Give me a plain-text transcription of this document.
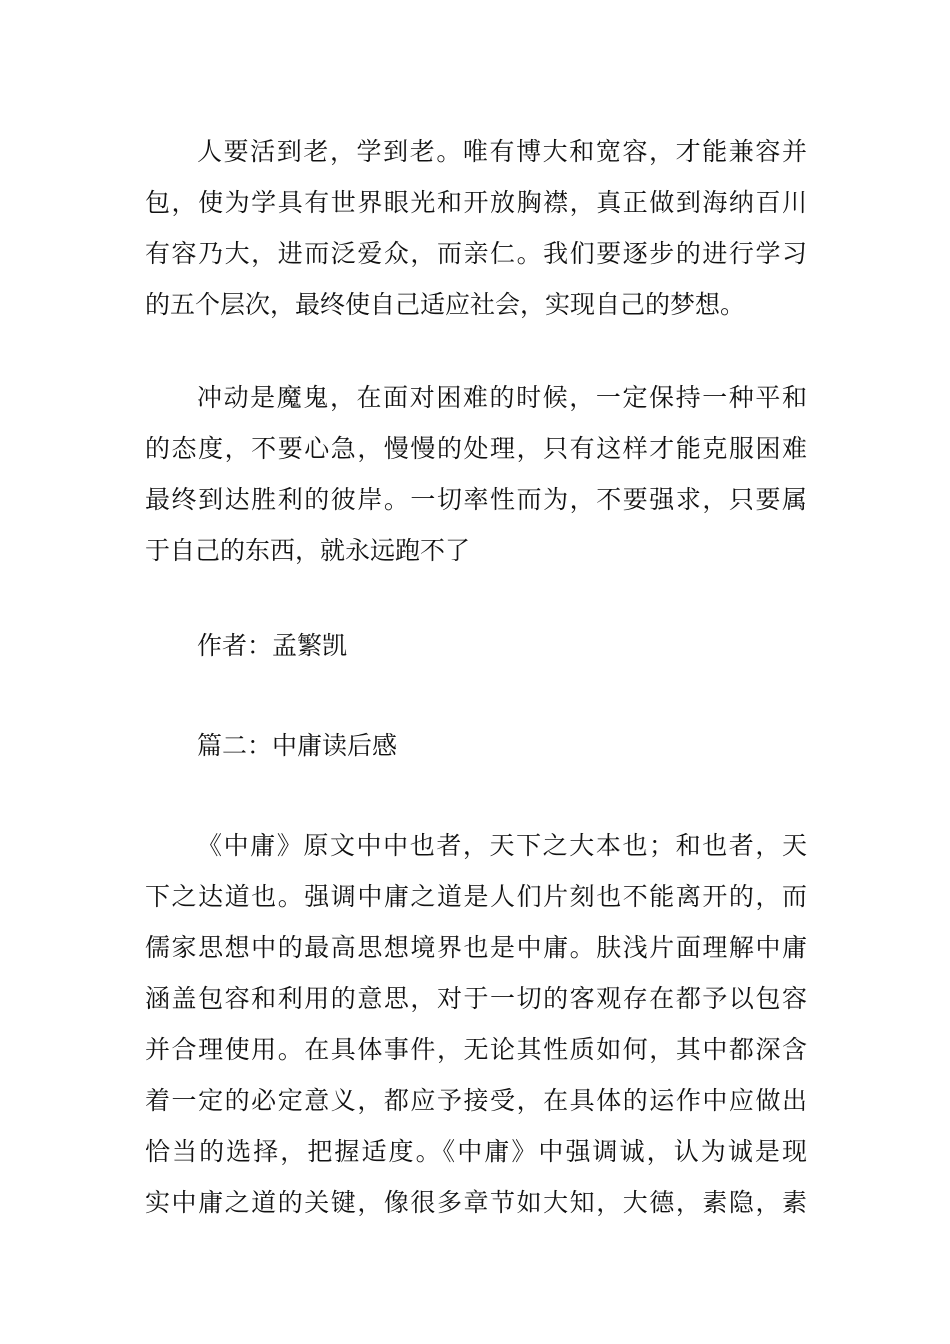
人要活到老，学到老。唯有博大和宽容，才能兼容并
包，使为学具有世界眼光和开放胸襟，真正做到海纳百川
有容乃大，进而泛爱众，而亲仁。我们要逐步的进行学习
的五个层次，最终使自己适应社会，实现自己的梦想。
冲动是魔鬼，在面对困难的时候，一定保持一种平和
的态度，不要心急，慢慢的处理，只有这样才能克服困难
最终到达胜利的彼岸。一切率性而为，不要强求，只要属
于自己的东西，就永远跑不了
作者：孟繁凯
篇二：中庸读后感
《中庸》原文中中也者，天下之大本也；和也者，天
下之达道也。强调中庸之道是人们片刻也不能离开的，而
儒家思想中的最高思想境界也是中庸。肤浅片面理解中庸
涵盖包容和利用的意思，对于一切的客观存在都予以包容
并合理使用。在具体事件，无论其性质如何，其中都深含
着一定的必定意义，都应予接受，在具体的运作中应做出
恰当的选择，把握适度。《中庸》中强调诚，认为诚是现
实中庸之道的关键，像很多章节如大知，大德，素隐，素
